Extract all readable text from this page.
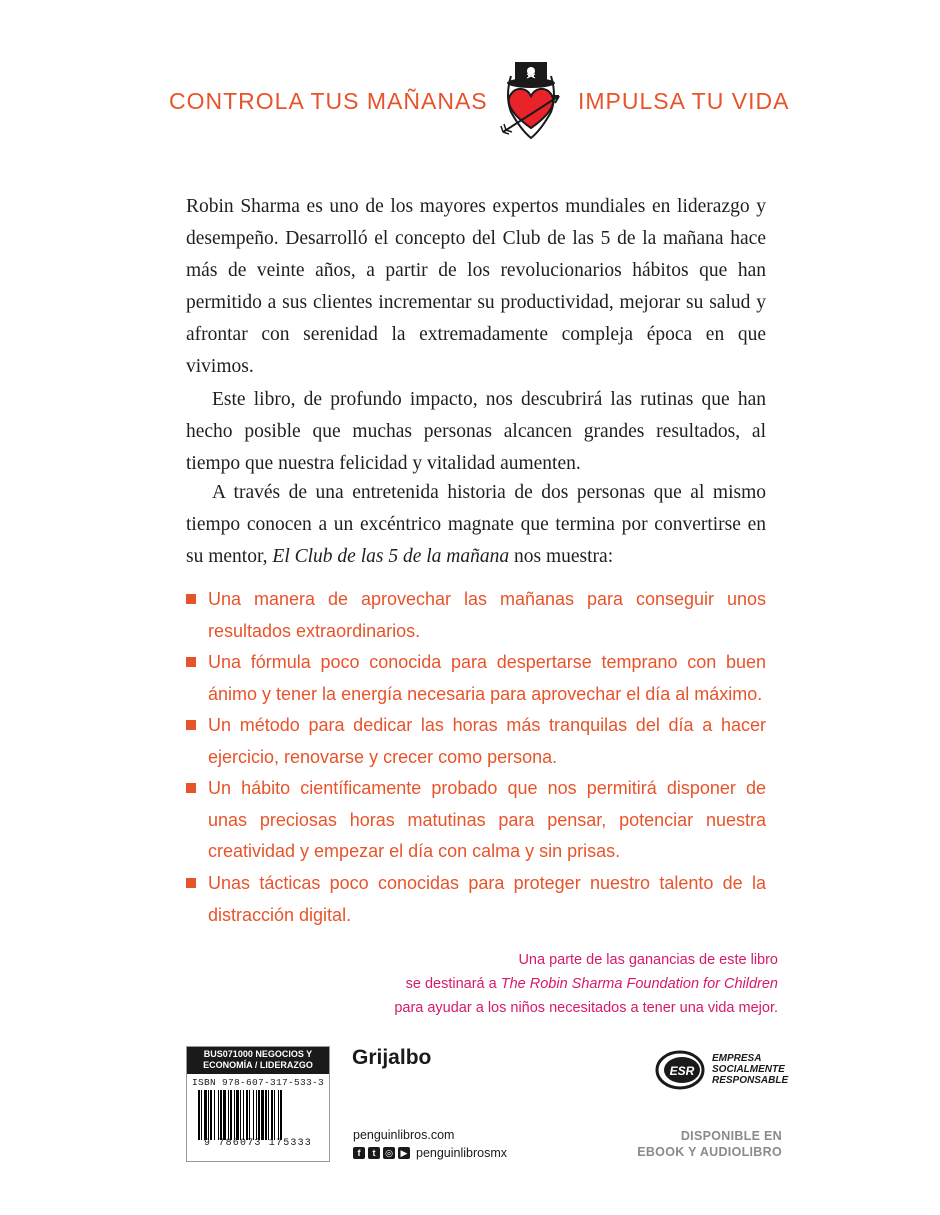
CONTROLA TUS MAÑANAS	IMPULSA TU VIDA

Robin Sharma es uno de los mayores expertos mundiales en liderazgo y desempeño. Desarrolló el concepto del Club de las 5 de la mañana hace más de veinte años, a partir de los revolucionarios hábitos que han permitido a sus clientes incrementar su productividad, mejorar su salud y afrontar con serenidad la extremadamente compleja época en que vivimos.

Este libro, de profundo impacto, nos descubrirá las rutinas que han hecho posible que muchas personas alcancen grandes resultados, al tiempo que nuestra felicidad y vitalidad aumenten.

A través de una entretenida historia de dos personas que al mismo tiempo conocen a un excéntrico magnate que termina por convertirse en su mentor, El Club de las 5 de la mañana nos muestra:

Una manera de aprovechar las mañanas para conseguir unos resultados extraordinarios.
Una fórmula poco conocida para despertarse temprano con buen ánimo y tener la energía necesaria para aprovechar el día al máximo.
Un método para dedicar las horas más tranquilas del día a hacer ejercicio, renovarse y crecer como persona.
Un hábito científicamente probado que nos permitirá disponer de unas preciosas horas matutinas para pensar, potenciar nuestra creatividad y empezar el día con calma y sin prisas.
Unas tácticas poco conocidas para proteger nuestro talento de la distracción digital.
Una parte de las ganancias de este libro
se destinará a The Robin Sharma Foundation for Children
para ayudar a los niños necesitados a tener una vida mejor.
BUS071000 NEGOCIOS Y
ECONOMÍA / LIDERAZGO
ISBN 978-607-317-533-3
9 786073 175333
Grijalbo
penguinlibros.com
f	t	◎ ▶ penguinlibrosmx
ESR
EMPRESA
SOCIALMENTE
RESPONSABLE
DISPONIBLE EN
EBOOK Y AUDIOLIBRO
